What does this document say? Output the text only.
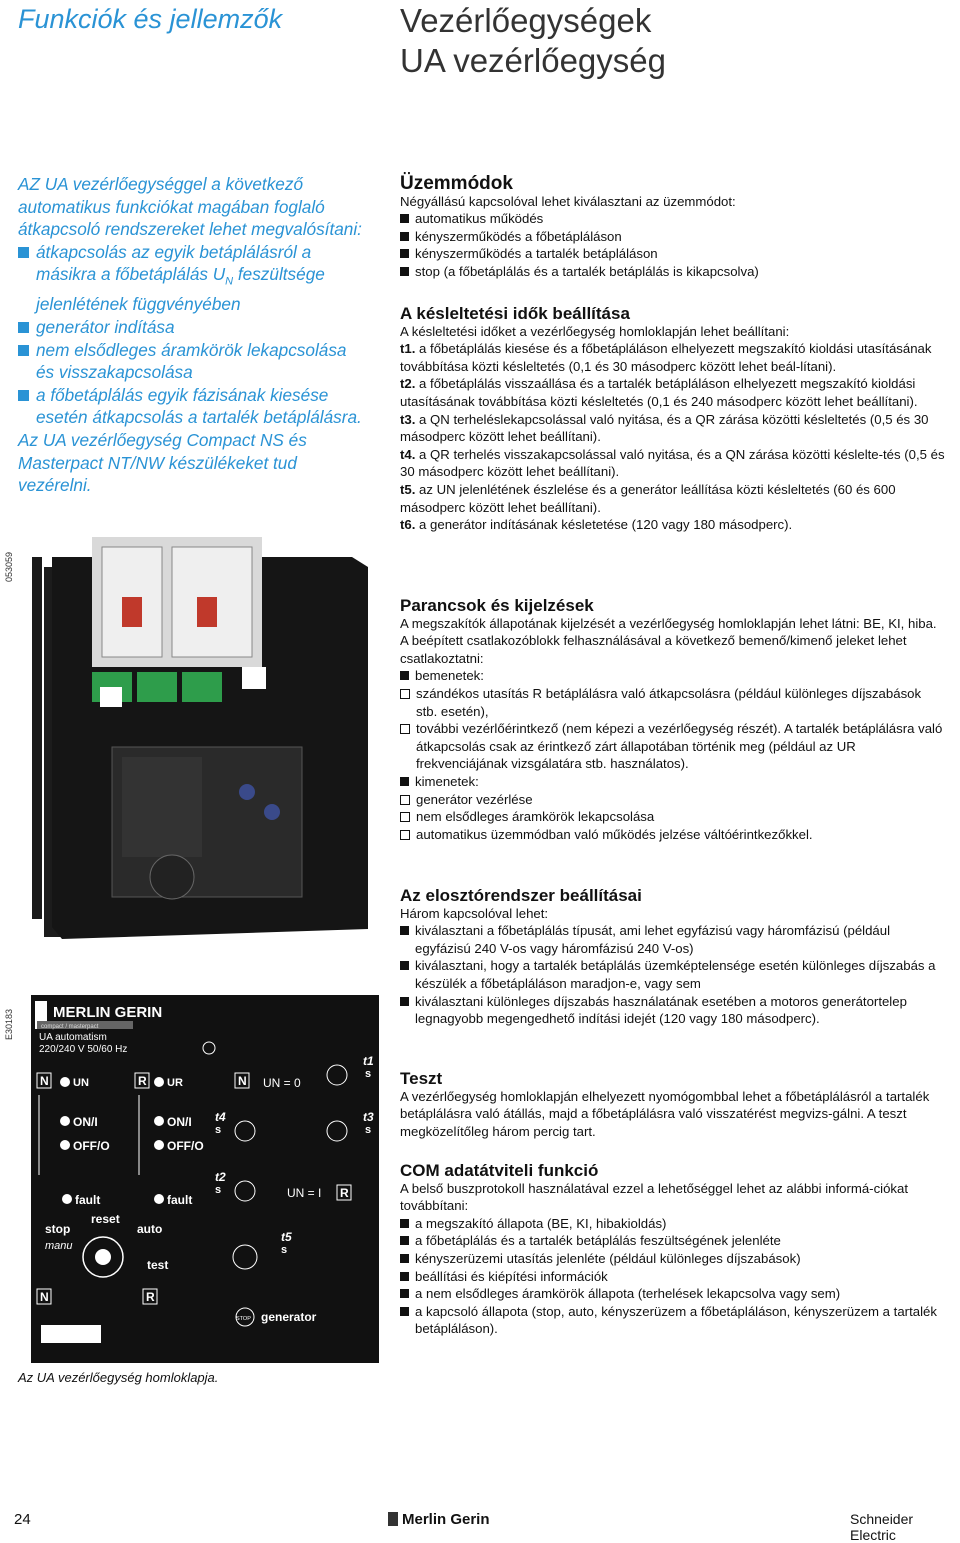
Funkciók és jellemzők	Vezérlőegységek
UA vezérlőegység

AZ UA vezérlőegységgel a következő automatikus funkciókat magában foglaló átkapcsoló rendszereket lehet megvalósítani:

átkapcsolás az egyik betáplálásról a másikra a főbetáplálás $U_N$ feszültsége jelenlétének függvényében
generátor indítása
nem elsődleges áramkörök lekapcsolása és visszakapcsolása
a főbetáplálás egyik fázisának kiesése esetén átkapcsolás a tartalék betáplálásra.

Az UA vezérlőegység Compact NS és Masterpact NT/NW készülékeket tud vezérelni.

053059
E30183	MERLIN GERIN
compact / masterpact
UA automatism
220/240 V 50/60 Hz
N UN	R UR
ON/I
OFF/O
ON/I
OFF/O
fault	fault
stop
manu
reset
auto
test
N	R
N UN = 0
t1
s
t3
s
t4
s
t2
s	UN = I R
t5
s
STOP generator
Az UA vezérlőegység homloklapja.
Üzemmódok

Négyállású kapcsolóval lehet kiválasztani az üzemmódot:

automatikus működés
kényszerműködés a főbetápláláson
kényszerműködés a tartalék betápláláson
stop (a főbetáplálás és a tartalék betáplálás is kikapcsolva)
A késleltetési idők beállítása

A késleltetési időket a vezérlőegység homloklapján lehet beállítani:

t1. a főbetáplálás kiesése és a főbetápláláson elhelyezett megszakító kioldási utasításának továbbítása közti késleltetés (0,1 és 30 másodperc között lehet beál-lítani).

t2. a főbetáplálás visszaállása és a tartalék betápláláson elhelyezett megszakító kioldási utasításának továbbítása közti késleltetés (0,1 és 240 másodperc között lehet beállítani).

t3. a QN terheléslekapcsolással való nyitása, és a QR zárása közötti késleltetés (0,5 és 30 másodperc között lehet beállítani).

t4. a QR terhelés visszakapcsolással való nyitása, és a QN zárása közötti késlelte-tés (0,5 és 30 másodperc között lehet beállítani).

t5. az UN jelenlétének észlelése és a generátor leállítása közti késleltetés (60 és 600 másodperc között lehet beállítani).

t6. a generátor indításának késletetése (120 vagy 180 másodperc).

Parancsok és kijelzések

A megszakítók állapotának kijelzését a vezérlőegység homloklapján lehet látni: BE, KI, hiba.

A beépített csatlakozóblokk felhasználásával a következő bemenő/kimenő jeleket lehet csatlakoztatni:

bemenetek:
szándékos utasítás R betáplálásra való átkapcsolásra (például különleges díjszabások stb. esetén),
további vezérlőérintkező (nem képezi a vezérlőegység részét). A tartalék betáplálásra való átkapcsolás csak az érintkező zárt állapotában történik meg (például az UR frekvenciájának vizsgálatára stb. használatos).
kimenetek:
generátor vezérlése
nem elsődleges áramkörök lekapcsolása
automatikus üzemmódban való működés jelzése váltóérintkezőkkel.
Az elosztórendszer beállításai

Három kapcsolóval lehet:

kiválasztani a főbetáplálás típusát, ami lehet egyfázisú vagy háromfázisú (például egyfázisú 240 V-os vagy háromfázisú 240 V-os)
kiválasztani, hogy a tartalék betáplálás üzemképtelensége esetén különleges díjszabás a készülék a főbetápláláson maradjon-e, vagy sem
kiválasztani különleges díjszabás használatának esetében a motoros generátortelep legnagyobb megengedhető indítási idejét (120 vagy 180 másodperc).
Teszt

A vezérlőegység homloklapján elhelyezett nyomógombbal lehet a főbetáplálásról a tartalék betáplálásra való átállás, majd a főbetáplálásra való visszatérést megvizs-gálni. A teszt megközelítőleg három percig tart.

COM adatátviteli funkció

A belső buszprotokoll használatával ezzel a lehetőséggel lehet az alábbi informá-ciókat továbbítani:

a megszakító állapota (BE, KI, hibakioldás)
a főbetáplálás és a tartalék betáplálás feszültségének jelenléte
kényszerüzemi utasítás jelenléte (például különleges díjszabások)
beállítási és kiépítési információk
a nem elsődleges áramkörök állapota (terhelések lekapcsolva vagy sem)
a kapcsoló állapota (stop, auto, kényszerüzem a főbetápláláson, kényszerüzem a tartalék betápláláson).
24	Merlin Gerin	Schneider Electric
